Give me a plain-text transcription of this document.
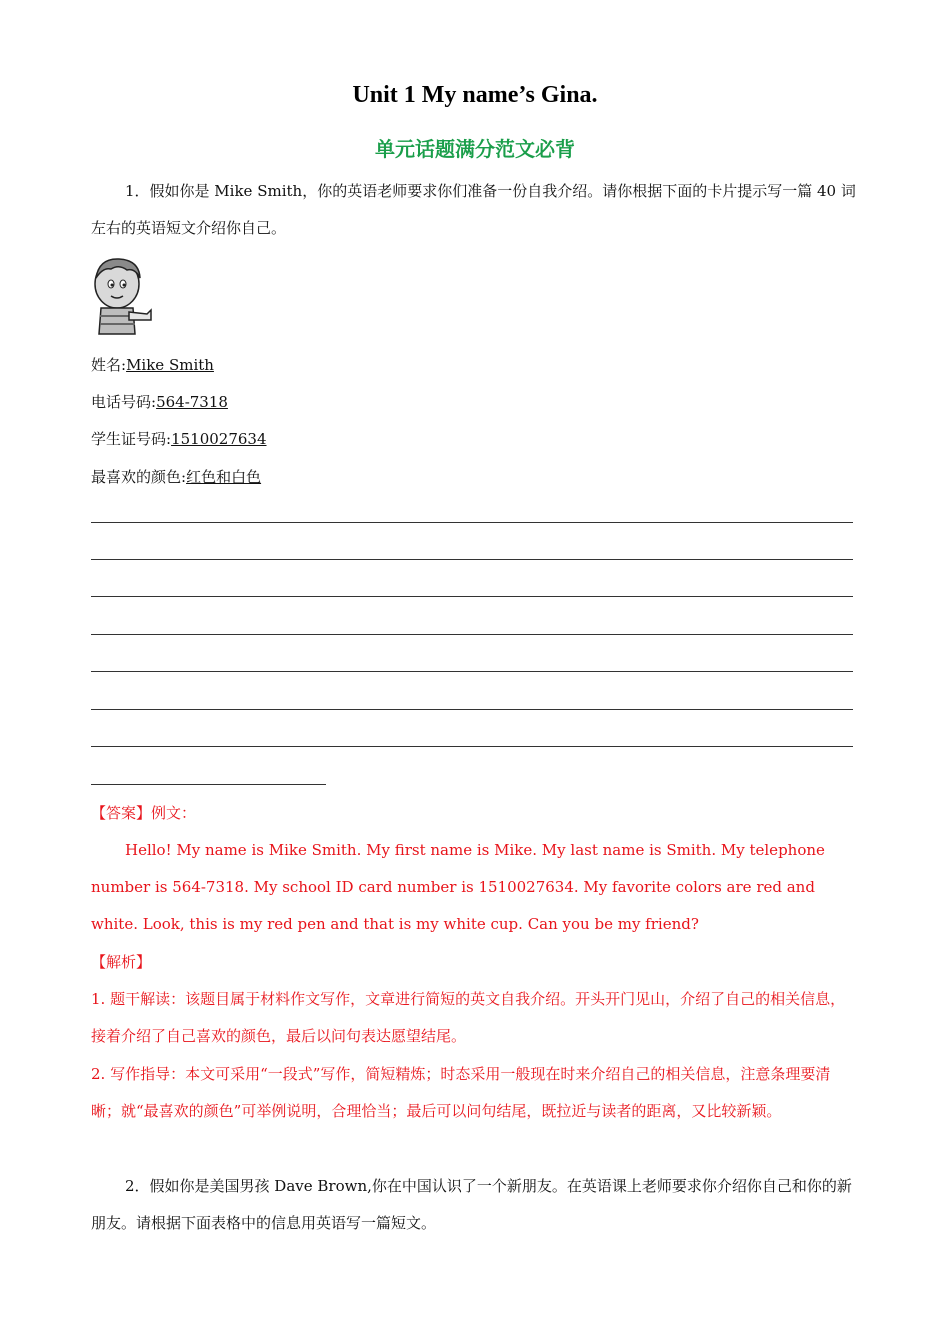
Unit 1 My name’s Gina.
单元话题满分范文必背
1．假如你是 Mike Smith，你的英语老师要求你们准备一份自我介绍。请你根据下面的卡片提示写一篇 40 词左右的英语短文介绍你自己。
姓名:Mike Smith
电话号码:564-7318
学生证号码:1510027634
最喜欢的颜色:红色和白色
【答案】例文：
Hello! My name is Mike Smith. My first name is Mike. My last name is Smith. My telephone number is 564-7318. My school ID card number is 1510027634. My favorite colors are red and white. Look, this is my red pen and that is my white cup. Can you be my friend?
【解析】
1. 题干解读：该题目属于材料作文写作，文章进行简短的英文自我介绍。开头开门见山，介绍了自己的相关信息，接着介绍了自己喜欢的颜色，最后以问句表达愿望结尾。
2. 写作指导：本文可采用“一段式”写作，简短精炼；时态采用一般现在时来介绍自己的相关信息，注意条理要清晰；就“最喜欢的颜色”可举例说明，合理恰当；最后可以问句结尾，既拉近与读者的距离，又比较新颖。
2．假如你是美国男孩 Dave Brown,你在中国认识了一个新朋友。在英语课上老师要求你介绍你自己和你的新朋友。请根据下面表格中的信息用英语写一篇短文。
